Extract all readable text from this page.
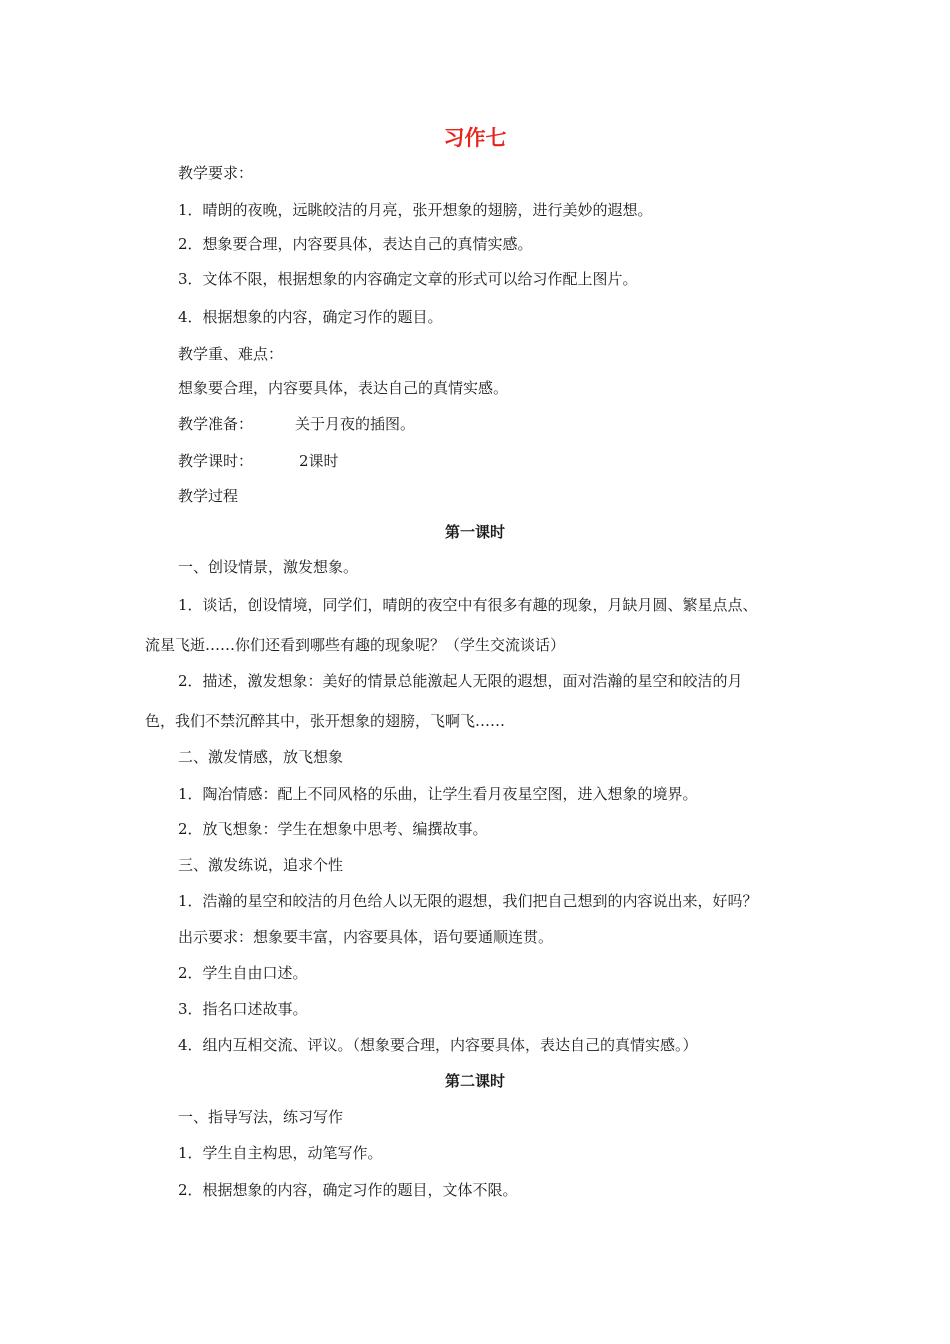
习作七
教学要求：
1．晴朗的夜晚，远眺皎洁的月亮，张开想象的翅膀，进行美妙的遐想。
2．想象要合理，内容要具体，表达自己的真情实感。
3．文体不限，根据想象的内容确定文章的形式可以给习作配上图片。
4．根据想象的内容，确定习作的题目。
教学重、难点：
想象要合理，内容要具体，表达自己的真情实感。
教学准备：	关于月夜的插图。
教学课时：	2课时
教学过程
第一课时
一、创设情景，激发想象。
1．谈话，创设情境，同学们，晴朗的夜空中有很多有趣的现象，月缺月圆、繁星点点、
流星飞逝……你们还看到哪些有趣的现象呢？（学生交流谈话）
2．描述，激发想象：美好的情景总能激起人无限的遐想，面对浩瀚的星空和皎洁的月
色，我们不禁沉醉其中，张开想象的翅膀，飞啊飞……
二、激发情感，放飞想象
1．陶冶情感：配上不同风格的乐曲，让学生看月夜星空图，进入想象的境界。
2．放飞想象：学生在想象中思考、编撰故事。
三、激发练说，追求个性
1．浩瀚的星空和皎洁的月色给人以无限的遐想，我们把自己想到的内容说出来，好吗？
出示要求：想象要丰富，内容要具体，语句要通顺连贯。
2．学生自由口述。
3．指名口述故事。
4．组内互相交流、评议。（想象要合理，内容要具体，表达自己的真情实感。）
第二课时
一、指导写法，练习写作
1．学生自主构思，动笔写作。
2．根据想象的内容，确定习作的题目，文体不限。
